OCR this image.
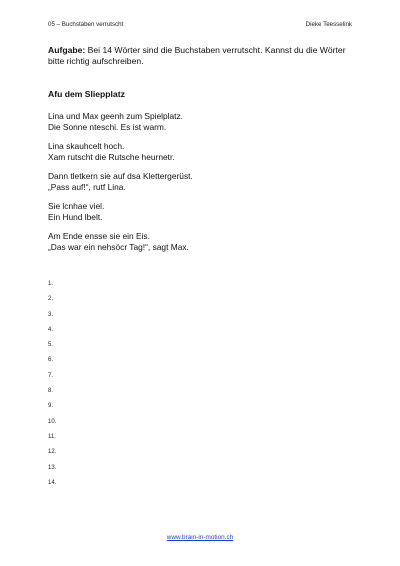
05 – Buchstaben verrutscht	Dieke Teesselink
Aufgabe: Bei 14 Wörter sind die Buchstaben verrutscht. Kannst du die Wörter bitte richtig aufschreiben.
Afu dem Sliepplatz
Lina und Max geenh zum Spielplatz.
Die Sonne nteschi. Es ist warm.
Lina skauhcelt hoch.
Xam rutscht die Rutsche heurnetr.
Dann tletkern sie auf dsa Klettergerüst.
„Pass auf!“, rutf Lina.
Sie lcnhae viel.
Ein Hund lbelt.
Am Ende ensse sie ein Eis.
„Das war ein nehsöcr Tag!“, sagt Max.
1.
2.
3.
4.
5.
6.
7.
8.
9.
10.
11.
12.
13.
14.
www.brain-in-motion.ch
